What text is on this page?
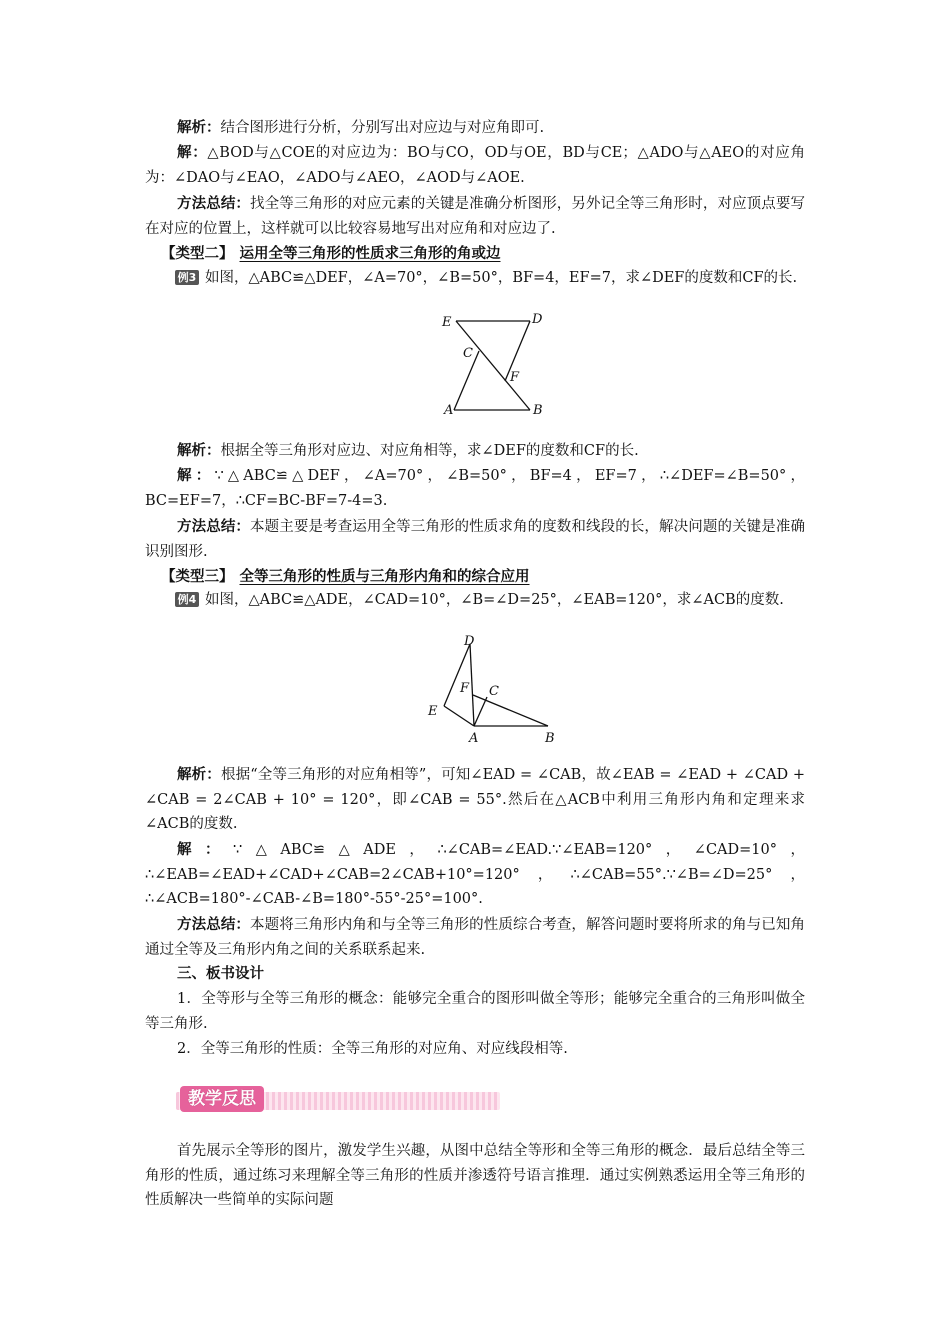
解析：结合图形进行分析，分别写出对应边与对应角即可.

解：△BOD与△COE的对应边为：BO与CO，OD与OE，BD与CE；△ADO与△AEO的对应角为：∠DAO与∠EAO，∠ADO与∠AEO，∠AOD与∠AOE.

方法总结：找全等三角形的对应元素的关键是准确分析图形，另外记全等三角形时，对应顶点要写在对应的位置上，这样就可以比较容易地写出对应角和对应边了.

【类型二】 运用全等三角形的性质求三角形的角或边

例3 如图，△ABC≌△DEF，∠A=70°，∠B=50°，BF=4，EF=7，求∠DEF的度数和CF的长.

E	D
C
F
A	B

解析：根据全等三角形对应边、对应角相等，求∠DEF的度数和CF的长.

解：∵△ABC≌△DEF，∠A=70°，∠B=50°，BF=4，EF=7，∴∠DEF=∠B=50°，BC=EF=7，∴CF=BC-BF=7-4=3.

方法总结：本题主要是考查运用全等三角形的性质求角的度数和线段的长，解决问题的关键是准确识别图形.

【类型三】 全等三角形的性质与三角形内角和的综合应用

例4 如图，△ABC≌△ADE，∠CAD=10°，∠B=∠D=25°，∠EAB=120°，求∠ACB的度数.

D
F C
E
A	B

解析：根据“全等三角形的对应角相等”，可知∠EAD = ∠CAB，故∠EAB = ∠EAD + ∠CAD + ∠CAB = 2∠CAB + 10° = 120°，即∠CAB = 55°.然后在△ACB中利用三角形内角和定理来求∠ACB的度数.

解：∵△ABC≌△ADE，∴∠CAB=∠EAD.∵∠EAB=120°，∠CAD=10°，∴∠EAB=∠EAD+∠CAD+∠CAB=2∠CAB+10°=120°，∴∠CAB=55°.∵∠B=∠D=25°，∴∠ACB=180°-∠CAB-∠B=180°-55°-25°=100°.

方法总结：本题将三角形内角和与全等三角形的性质综合考查，解答问题时要将所求的角与已知角通过全等及三角形内角之间的关系联系起来.

三、板书设计

1．全等形与全等三角形的概念：能够完全重合的图形叫做全等形；能够完全重合的三角形叫做全等三角形.

2．全等三角形的性质：全等三角形的对应角、对应线段相等.

教学反思

首先展示全等形的图片，激发学生兴趣，从图中总结全等形和全等三角形的概念．最后总结全等三角形的性质，通过练习来理解全等三角形的性质并渗透符号语言推理．通过实例熟悉运用全等三角形的性质解决一些简单的实际问题
